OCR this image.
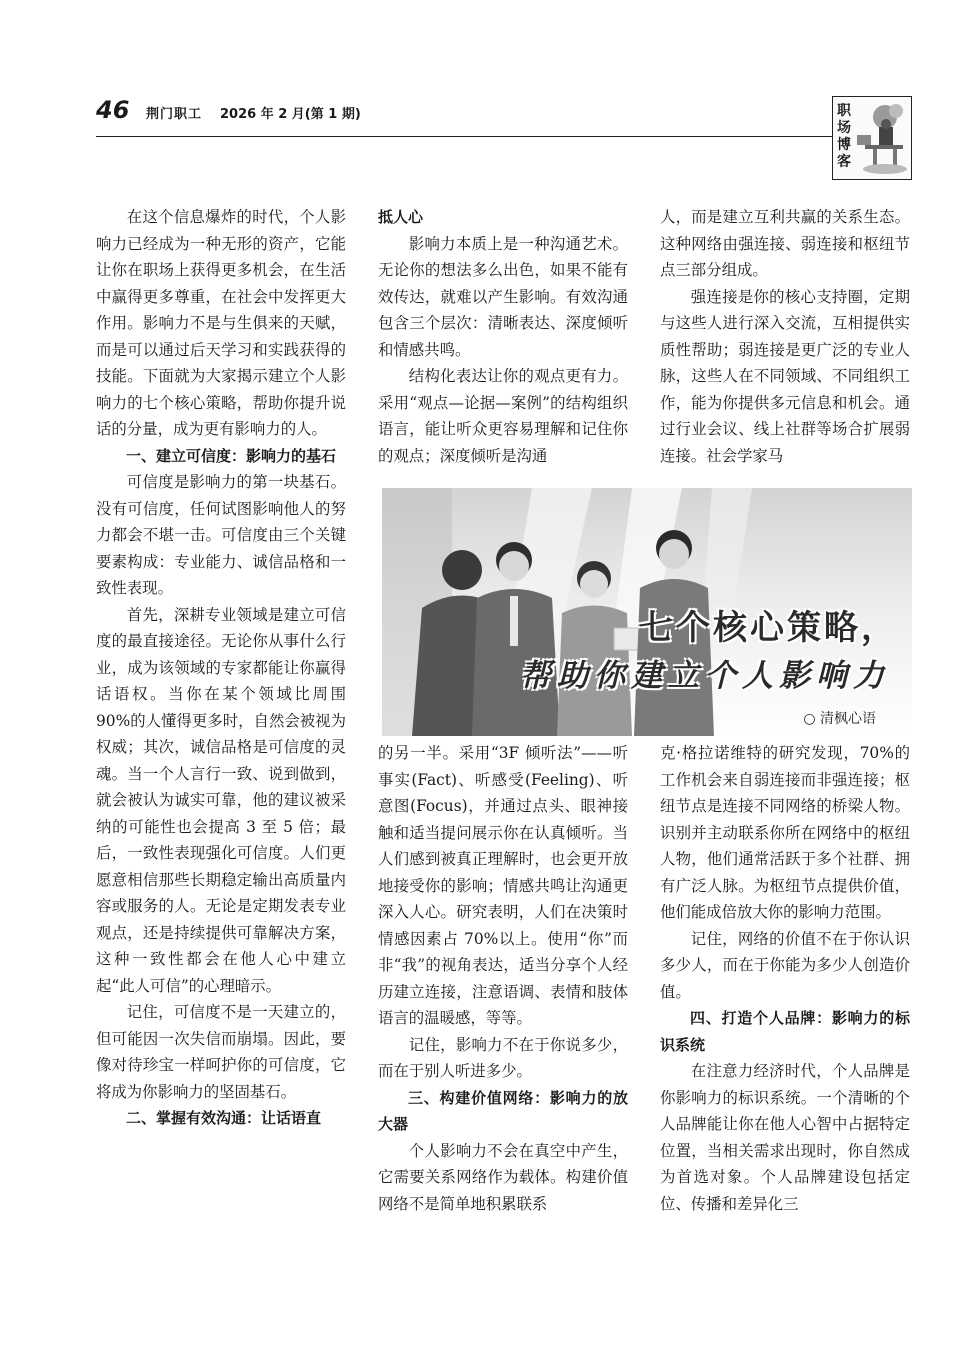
46 荆门职工 2026 年 2 月(第 1 期)	职场博客

在这个信息爆炸的时代，个人影响力已经成为一种无形的资产，它能让你在职场上获得更多机会，在生活中赢得更多尊重，在社会中发挥更大作用。影响力不是与生俱来的天赋，而是可以通过后天学习和实践获得的技能。下面就为大家揭示建立个人影响力的七个核心策略，帮助你提升说话的分量，成为更有影响力的人。

一、建立可信度：影响力的基石

可信度是影响力的第一块基石。没有可信度，任何试图影响他人的努力都会不堪一击。可信度由三个关键要素构成：专业能力、诚信品格和一致性表现。

首先，深耕专业领域是建立可信度的最直接途径。无论你从事什么行业，成为该领域的专家都能让你赢得话语权。当你在某个领域比周围 90%的人懂得更多时，自然会被视为权威；其次，诚信品格是可信度的灵魂。当一个人言行一致、说到做到，就会被认为诚实可靠，他的建议被采纳的可能性也会提高 3 至 5 倍；最后，一致性表现强化可信度。人们更愿意相信那些长期稳定输出高质量内容或服务的人。无论是定期发表专业观点，还是持续提供可靠解决方案，这种一致性都会在他人心中建立起“此人可信”的心理暗示。

记住，可信度不是一天建立的，但可能因一次失信而崩塌。因此，要像对待珍宝一样呵护你的可信度，它将成为你影响力的坚固基石。

二、掌握有效沟通：让话语直
抵人心

影响力本质上是一种沟通艺术。无论你的想法多么出色，如果不能有效传达，就难以产生影响。有效沟通包含三个层次：清晰表达、深度倾听和情感共鸣。

结构化表达让你的观点更有力。采用“观点—论据—案例”的结构组织语言，能让听众更容易理解和记住你的观点；深度倾听是沟通

人，而是建立互利共赢的关系生态。这种网络由强连接、弱连接和枢纽节点三部分组成。

强连接是你的核心支持圈，定期与这些人进行深入交流，互相提供实质性帮助；弱连接是更广泛的专业人脉，这些人在不同领域、不同组织工作，能为你提供多元信息和机会。通过行业会议、线上社群等场合扩展弱连接。社会学家马

七个核心策略，
帮助你建立个人影响力
○ 清枫心语

的另一半。采用“3F 倾听法”——听事实(Fact)、听感受(Feeling)、听意图(Focus)，并通过点头、眼神接触和适当提问展示你在认真倾听。当人们感到被真正理解时，也会更开放地接受你的影响；情感共鸣让沟通更深入人心。研究表明，人们在决策时情感因素占 70%以上。使用“你”而非“我”的视角表达，适当分享个人经历建立连接，注意语调、表情和肢体语言的温暖感，等等。

记住，影响力不在于你说多少，而在于别人听进多少。

三、构建价值网络：影响力的放大器

个人影响力不会在真空中产生，它需要关系网络作为载体。构建价值网络不是简单地积累联系

克·格拉诺维特的研究发现，70%的工作机会来自弱连接而非强连接；枢纽节点是连接不同网络的桥梁人物。识别并主动联系你所在网络中的枢纽人物，他们通常活跃于多个社群、拥有广泛人脉。为枢纽节点提供价值，他们能成倍放大你的影响力范围。

记住，网络的价值不在于你认识多少人，而在于你能为多少人创造价值。

四、打造个人品牌：影响力的标识系统

在注意力经济时代，个人品牌是你影响力的标识系统。一个清晰的个人品牌能让你在他人心智中占据特定位置，当相关需求出现时，你自然成为首选对象。个人品牌建设包括定位、传播和差异化三
